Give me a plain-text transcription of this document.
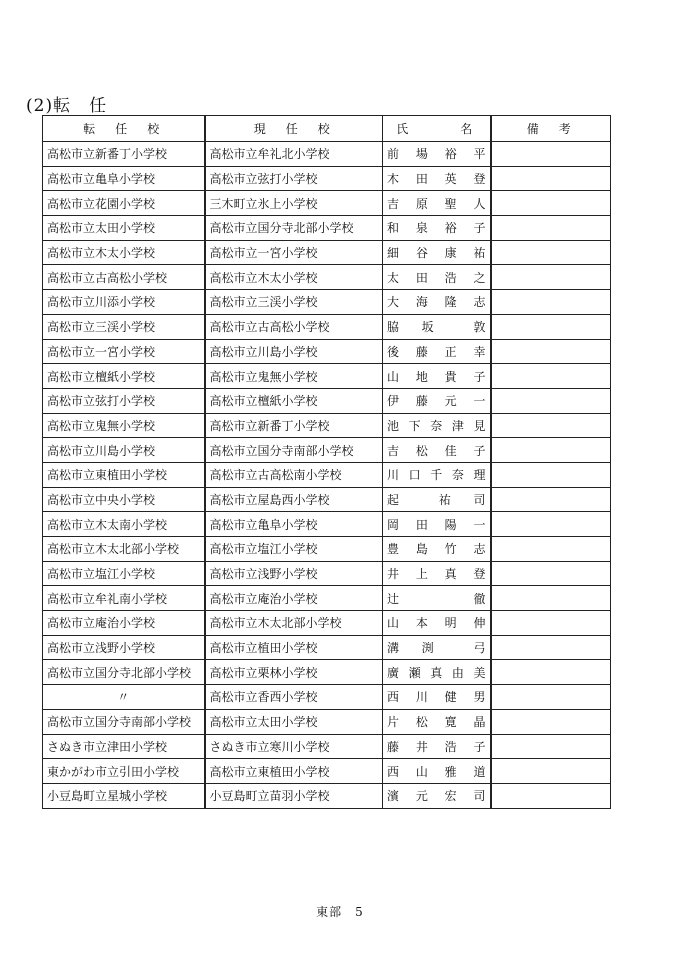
(2)転　任
転　任　校	現　任　校	氏　　　名	備　考
高松市立新番丁小学校	高松市立牟礼北小学校	前場裕平	
高松市立亀阜小学校	高松市立弦打小学校	木田英登	
高松市立花園小学校	三木町立氷上小学校	吉原聖人	
高松市立太田小学校	高松市立国分寺北部小学校	和泉裕子	
高松市立木太小学校	高松市立一宮小学校	細谷康祐	
高松市立古高松小学校	高松市立木太小学校	太田浩之	
高松市立川添小学校	高松市立三渓小学校	大海隆志	
高松市立三渓小学校	高松市立古高松小学校	脇　坂　　敦	
高松市立一宮小学校	高松市立川島小学校	後藤正幸	
高松市立檀紙小学校	高松市立鬼無小学校	山地貴子	
高松市立弦打小学校	高松市立檀紙小学校	伊藤元一	
高松市立鬼無小学校	高松市立新番丁小学校	池下奈津見	
高松市立川島小学校	高松市立国分寺南部小学校	吉松佳子	
高松市立東植田小学校	高松市立古高松南小学校	川口千奈理	
高松市立中央小学校	高松市立屋島西小学校	起　　祐　司	
高松市立木太南小学校	高松市立亀阜小学校	岡田陽一	
高松市立木太北部小学校	高松市立塩江小学校	豊島竹志	
高松市立塩江小学校	高松市立浅野小学校	井上真登	
高松市立牟礼南小学校	高松市立庵治小学校	辻　　　　徹	
高松市立庵治小学校	高松市立木太北部小学校	山本明伸	
高松市立浅野小学校	高松市立植田小学校	溝　渕　　弓	
高松市立国分寺北部小学校	高松市立栗林小学校	廣瀬真由美	
〃	高松市立香西小学校	西川健男	
高松市立国分寺南部小学校	高松市立太田小学校	片松寛晶	
さぬき市立津田小学校	さぬき市立寒川小学校	藤井浩子	
東かがわ市立引田小学校	高松市立東植田小学校	西山雅道	
小豆島町立星城小学校	小豆島町立苗羽小学校	濱元宏司	
東部　5
